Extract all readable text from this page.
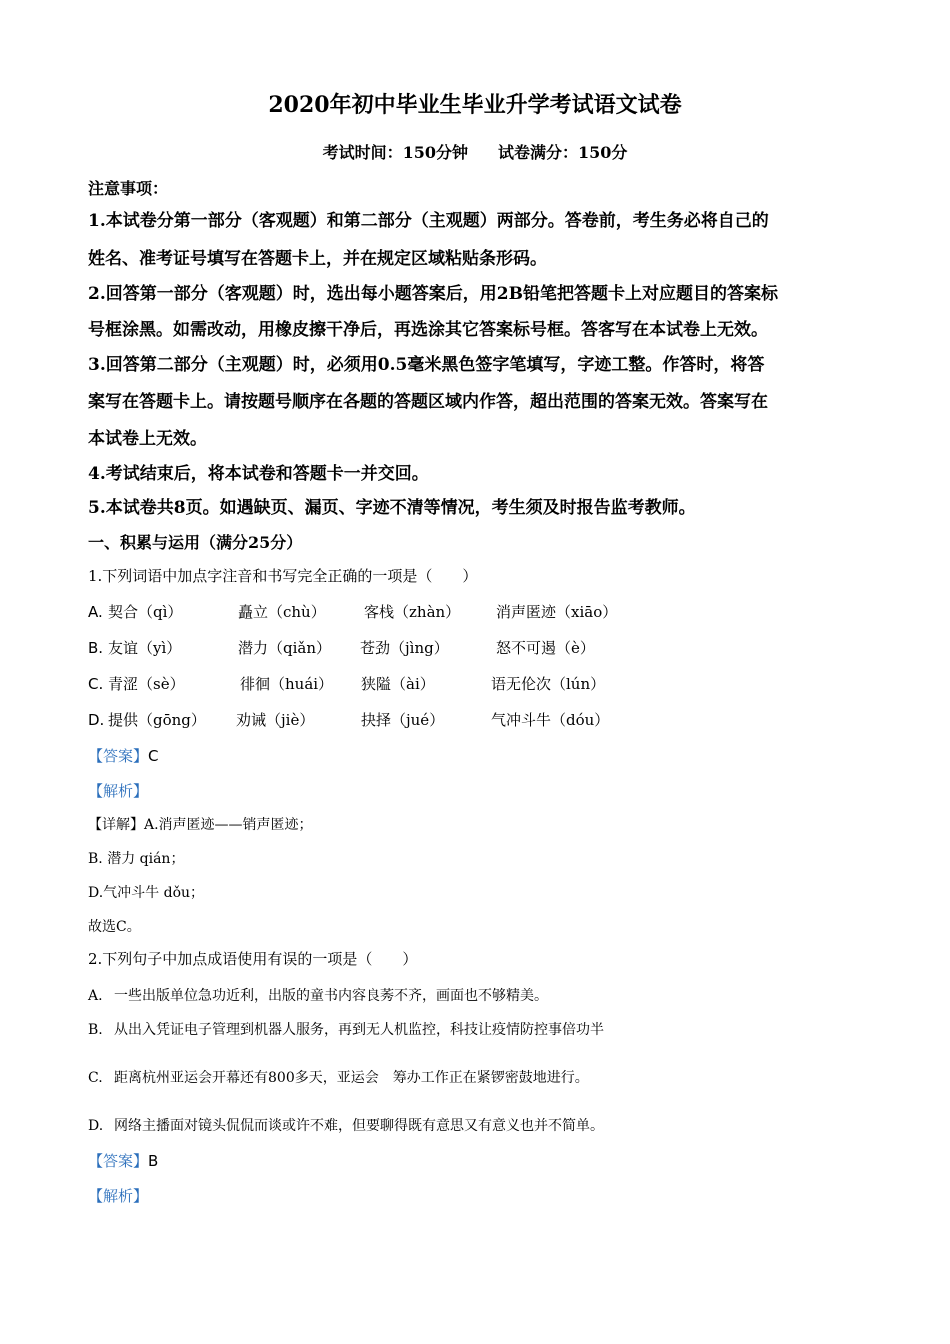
2020年初中毕业生毕业升学考试语文试卷
考试时间：150分钟 试卷满分：150分
注意事项：
1.本试卷分第一部分（客观题）和第二部分（主观题）两部分。答卷前，考生务必将自己的
姓名、准考证号填写在答题卡上，并在规定区域粘贴条形码。
2.回答第一部分（客观题）时，选出每小题答案后，用2B铅笔把答题卡上对应题目的答案标
号框涂黑。如需改动，用橡皮擦干净后，再选涂其它答案标号框。答客写在本试卷上无效。
3.回答第二部分（主观题）时，必须用0.5毫米黑色签字笔填写，字迹工整。作答时，将答
案写在答题卡上。请按题号顺序在各题的答题区域内作答，超出范围的答案无效。答案写在
本试卷上无效。
4.考试结束后，将本试卷和答题卡一并交回。
5.本试卷共8页。如遇缺页、漏页、字迹不清等情况，考生须及时报告监考教师。
一、积累与运用（满分25分）
1.下列词语中加点字注音和书写完全正确的一项是（　　）
A. 契合（qì）	矗立（chù）	客栈（zhàn） 消声匿迹（xiāo）
B. 友谊（yì）	潜力（qiǎn） 苍劲（jìng）	怒不可遏（è）
C. 青涩（sè）	徘徊（huái） 狭隘（ài）	语无伦次（lún）
D. 提供（gōng） 劝诫（jiè）	抉择（jué）	气冲斗牛（dóu）
【答案】C
【解析】
【详解】A.消声匿迹——销声匿迹；
B. 潜力 qián；
D.气冲斗牛 dǒu；
故选C。
2.下列句子中加点成语使用有误的一项是（　　）
A. 一些出版单位急功近利，出版的童书内容良莠不齐，画面也不够精美。
B. 从出入凭证电子管理到机器人服务，再到无人机监控，科技让疫情防控事倍功半
C. 距离杭州亚运会开幕还有800多天，亚运会　筹办工作正在紧锣密鼓地进行。
D. 网络主播面对镜头侃侃而谈或许不难，但要聊得既有意思又有意义也并不简单。
【答案】B
【解析】
